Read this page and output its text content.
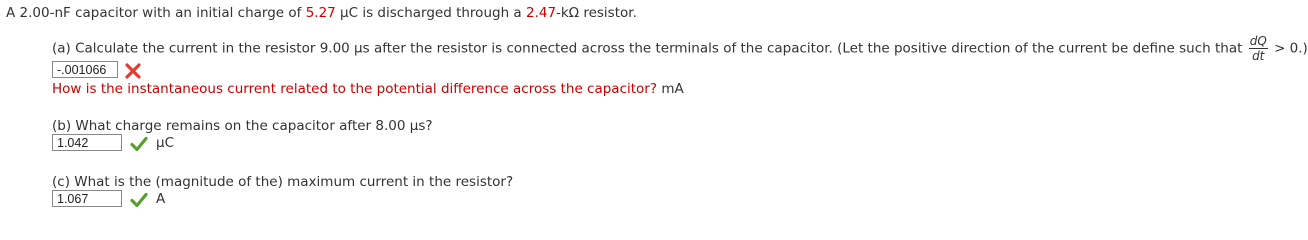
A 2.00-nF capacitor with an initial charge of 5.27 μC is discharged through a 2.47-kΩ resistor.
(a) Calculate the current in the resistor 9.00 μs after the resistor is connected across the terminals of the capacitor. (Let the positive direction of the current be define such that $\frac{dQ}{dt} > 0$.)
-.001066
How is the instantaneous current related to the potential difference across the capacitor? mA
(b) What charge remains on the capacitor after 8.00 μs?
1.042	μC
(c) What is the (magnitude of the) maximum current in the resistor?
1.067	A
